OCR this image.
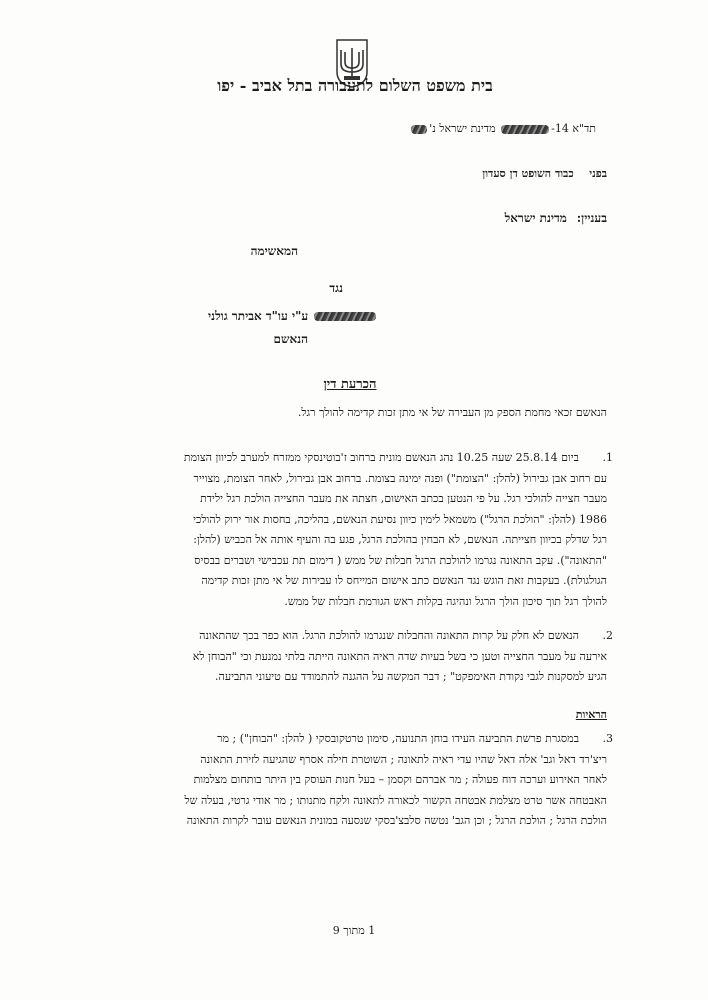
בית משפט השלום לתעבורה בתל אביב - יפו
תד"א 14- מדינת ישראל נ'
בפני כבוד השופט דן סעדון
בעניין: מדינת ישראל
המאשימה
נגד
ע"י עו"ד אביתר גולני
הנאשם
הכרעת דין
הנאשם זכאי מחמת הספק מן העבירה של אי מתן זכות קדימה להולך רגל.
1.
ביום 25.8.14 שעה 10.25 נהג הנאשם מונית ברחוב ז'בוטינסקי ממזרח למערב לכיוון הצומת
עם רחוב אבן גבירול (להלן: "הצומת") ופנה ימינה בצומת. ברחוב אבן גבירול, לאחר הצומת, מצוייר
מעבר חצייה להולכי רגל. על פי הנטען בכתב האישום, חצתה את מעבר החצייה הולכת רגל ילידת
1986 (להלן: "הולכת הרגל") משמאל לימין כיוון נסיעת הנאשם, בהליכה, בחסות אור ירוק להולכי
רגל שדלק בכיוון חצייתה. הנאשם, לא הבחין בהולכת הרגל, פגע בה והעיף אותה אל הכביש (להלן:
"התאונה"). עקב התאונה נגרמו להולכת הרגל חבלות של ממש ( דימום תת עכבישי ושברים בבסיס
הגולגולת). בעקבות זאת הוגש נגד הנאשם כתב אישום המייחס לו עבירות של אי מתן זכות קדימה
להולך רגל תוך סיכון הולך הרגל ונהיגה בקלות ראש הגורמת חבלות של ממש.
2.
הנאשם לא חלק על קרות התאונה והחבלות שנגרמו להולכת הרגל. הוא כפר בכך שהתאונה
אירעה על מעבר החצייה וטען כי בשל בעיות שדה ראיה התאונה הייתה בלתי נמנעת וכי "הבוחן לא
הגיע למסקנות לגבי נקודת האימפקט" ; דבר המקשה על ההגנה להתמודד עם טיעוני התביעה.
הראיות
3.
במסגרת פרשת התביעה העידו בוחן התנועה, סימון טרטקובסקי ( להלן: "הבוחן") ; מר
ריצ'רד דאל וגב' אלה דאל שהיו עדי ראיה לתאונה ; השוטרת חילה אסרף שהגיעה לזירת התאונה
לאחר האירוע וערכה דוח פעולה ; מר אברהם וקסמן – בעל חנות העוסק בין היתר בותחום מצלמות
האבטחה אשר טרט מצלמת אבטחה הקשור לכאורה לתאונה ולקח מתנותו ; מר אודי גרטי, בעלה של
הולכת הרגל ; הולכת הרגל ; וכן הגב' נטשה סלבצ'בסקי שנסעה במונית הנאשם עובר לקרות התאונה
1 מתוך 9
